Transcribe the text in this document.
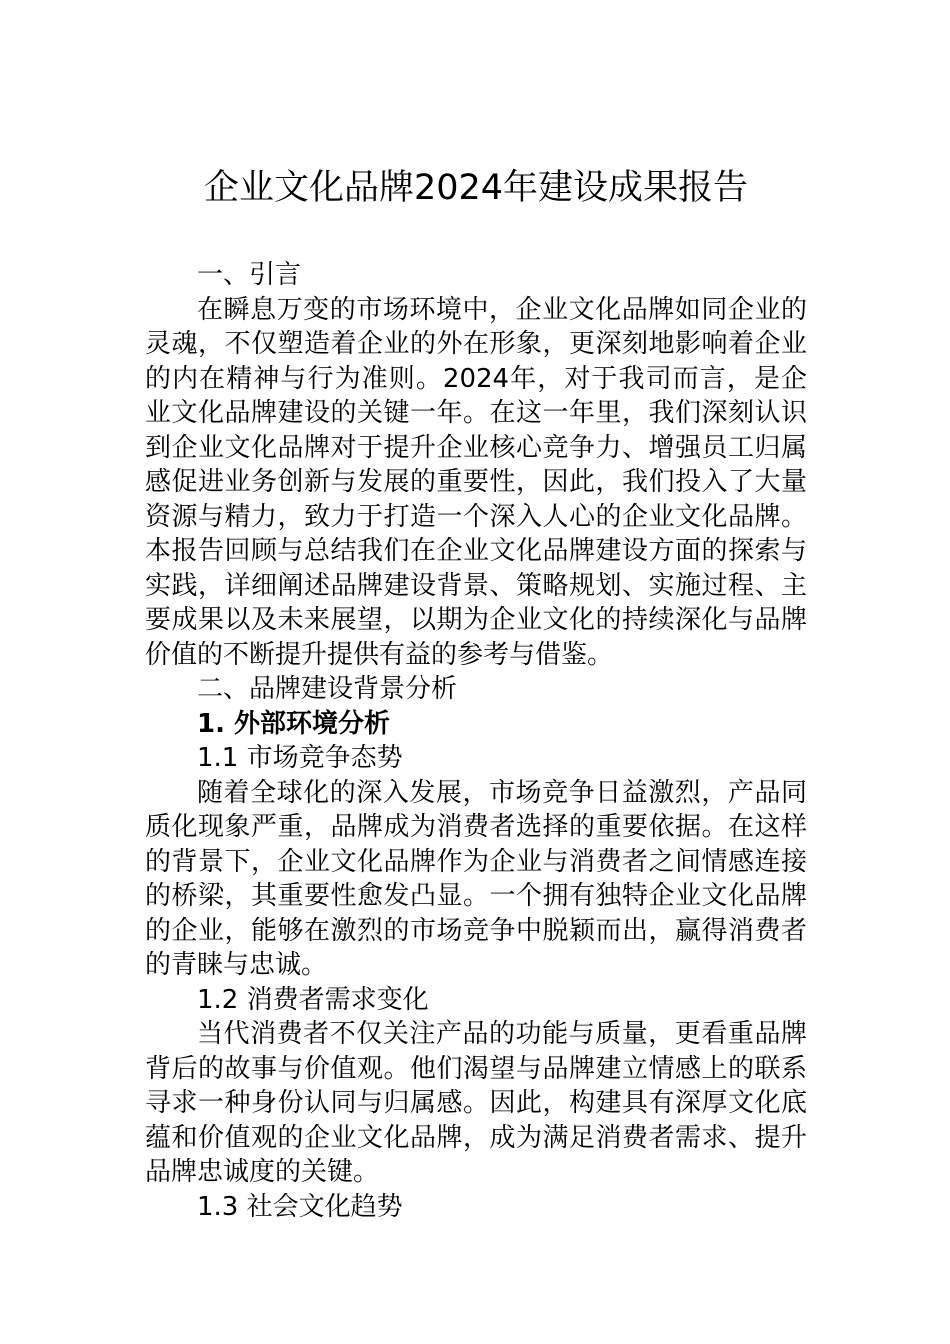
企业文化品牌2024年建设成果报告

一、引言

在瞬息万变的市场环境中，企业文化品牌如同企业的灵魂，不仅塑造着企业的外在形象，更深刻地影响着企业的内在精神与行为准则。2024年，对于我司而言，是企业文化品牌建设的关键一年。在这一年里，我们深刻认识到企业文化品牌对于提升企业核心竞争力、增强员工归属感促进业务创新与发展的重要性，因此，我们投入了大量资源与精力，致力于打造一个深入人心的企业文化品牌。本报告回顾与总结我们在企业文化品牌建设方面的探索与实践，详细阐述品牌建设背景、策略规划、实施过程、主要成果以及未来展望，以期为企业文化的持续深化与品牌价值的不断提升提供有益的参考与借鉴。

二、品牌建设背景分析

1. 外部环境分析

1.1 市场竞争态势

随着全球化的深入发展，市场竞争日益激烈，产品同质化现象严重，品牌成为消费者选择的重要依据。在这样的背景下，企业文化品牌作为企业与消费者之间情感连接的桥梁，其重要性愈发凸显。一个拥有独特企业文化品牌的企业，能够在激烈的市场竞争中脱颖而出，赢得消费者的青睐与忠诚。

1.2 消费者需求变化

当代消费者不仅关注产品的功能与质量，更看重品牌背后的故事与价值观。他们渴望与品牌建立情感上的联系寻求一种身份认同与归属感。因此，构建具有深厚文化底蕴和价值观的企业文化品牌，成为满足消费者需求、提升品牌忠诚度的关键。

1.3 社会文化趋势
